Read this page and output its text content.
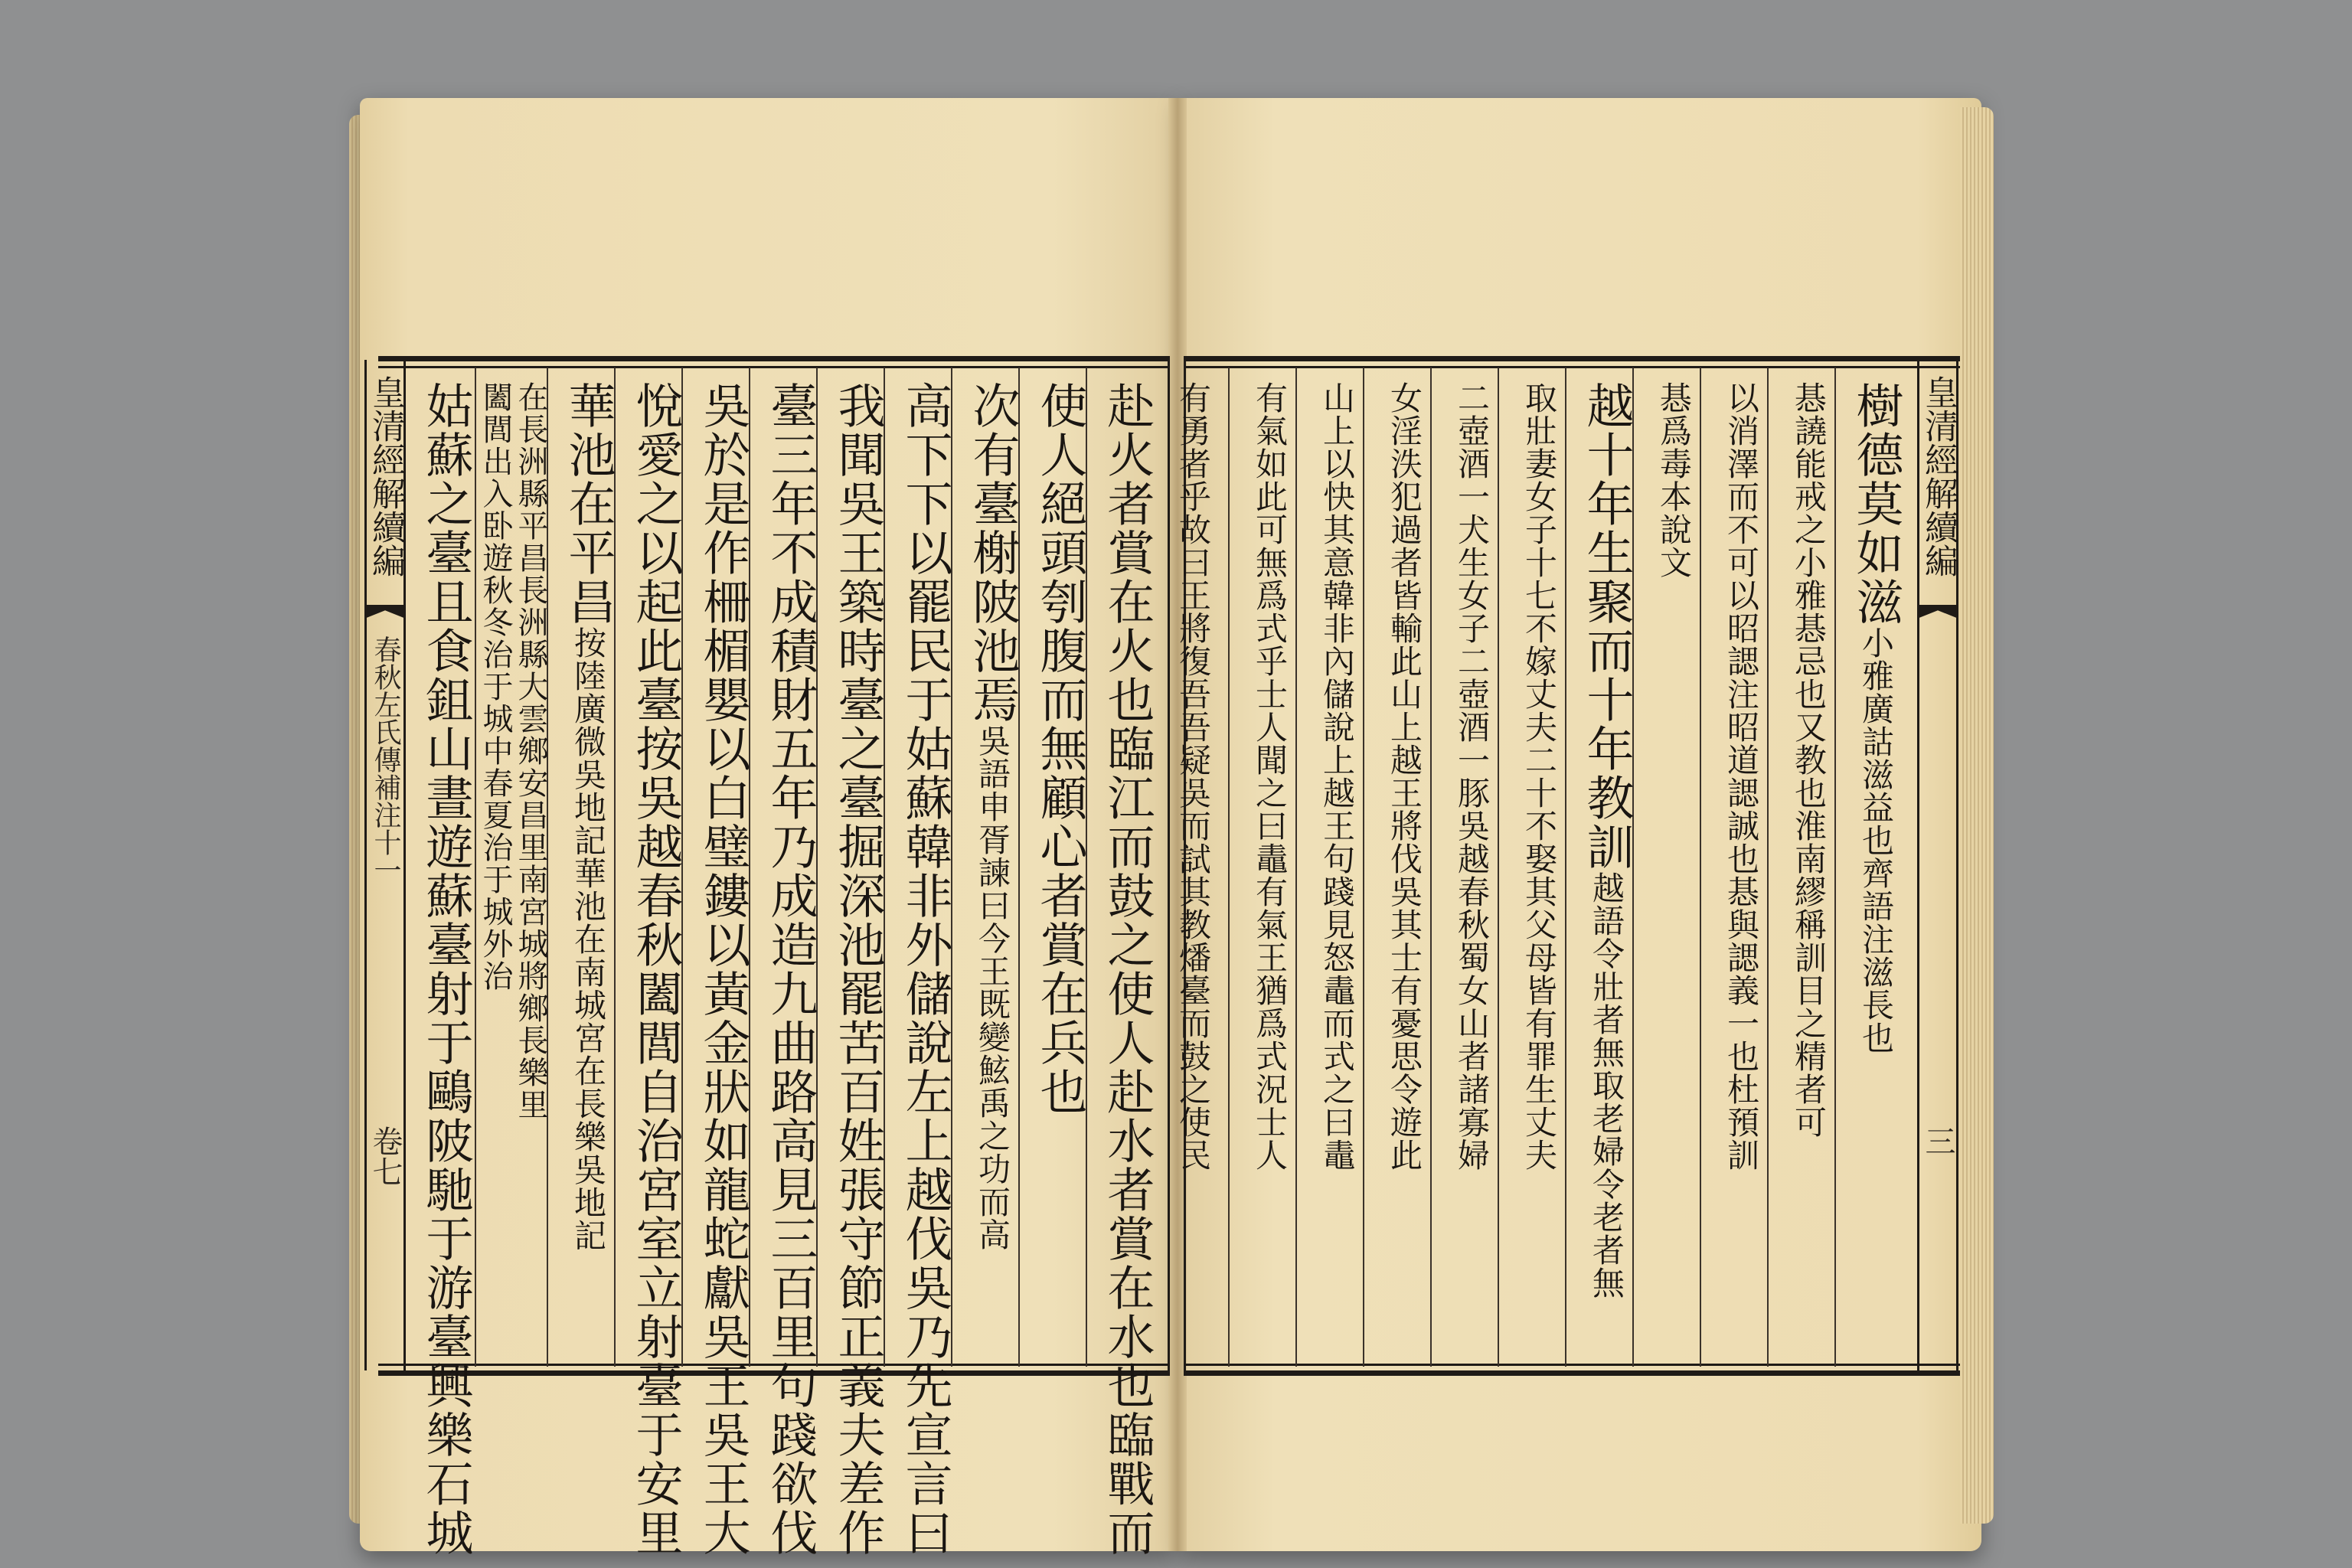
皇清經解續編
春秋左氏傳補注十一
卷七
皇清經解續編
三
赴火者賞在火也臨江而鼓之使人赴水者賞在水也臨戰而
使人絕頭刳腹而無顧心者賞在兵也
次有臺榭陂池焉吳語申胥諫曰今王既變鮌禹之功而高
高下下以罷民于姑蘇韓非外儲說左上越伐吳乃先宣言曰
我聞吳王築時臺之臺掘深池罷苦百姓張守節正義夫差作
臺三年不成積財五年乃成造九曲路高見三百里句踐欲伐
吳於是作柵楣嬰以白璧鏤以黃金狀如龍蛇獻吳王吳王大
悅愛之以起此臺按吳越春秋闔閭自治宮室立射臺于安里
華池在平昌按陸廣微吳地記華池在南城宮在長樂吳地記
在長洲縣平昌長洲縣大雲鄉安昌里南宮城將鄉長樂里
闔閭出入卧遊秋冬治于城中春夏治于城外治
姑蘇之臺且食鉏山晝遊蘇臺射于鷗陂馳于游臺興樂石城	樹德莫如滋小雅廣詁滋益也齊語注滋長也
惎譊能戒之小雅惎忌也又教也淮南繆稱訓目之精者可
以消澤而不可以昭諰注昭道諰誠也惎與諰義一也杜預訓
惎爲毒本說文
越十年生聚而十年教訓越語令壯者無取老婦令老者無
取壯妻女子十七不嫁丈夫二十不娶其父母皆有罪生丈夫
二壺酒一犬生女子二壺酒一豚吳越春秋蜀女山者諸寡婦
女淫泆犯過者皆輸此山上越王將伐吳其士有憂思令遊此
山上以快其意韓非內儲說上越王句踐見怒鼃而式之曰鼃
有氣如此可無爲式乎士人聞之曰鼃有氣王猶爲式況士人
有勇者乎故曰王將復吾吾疑吳而試其教燔臺而鼓之使民
